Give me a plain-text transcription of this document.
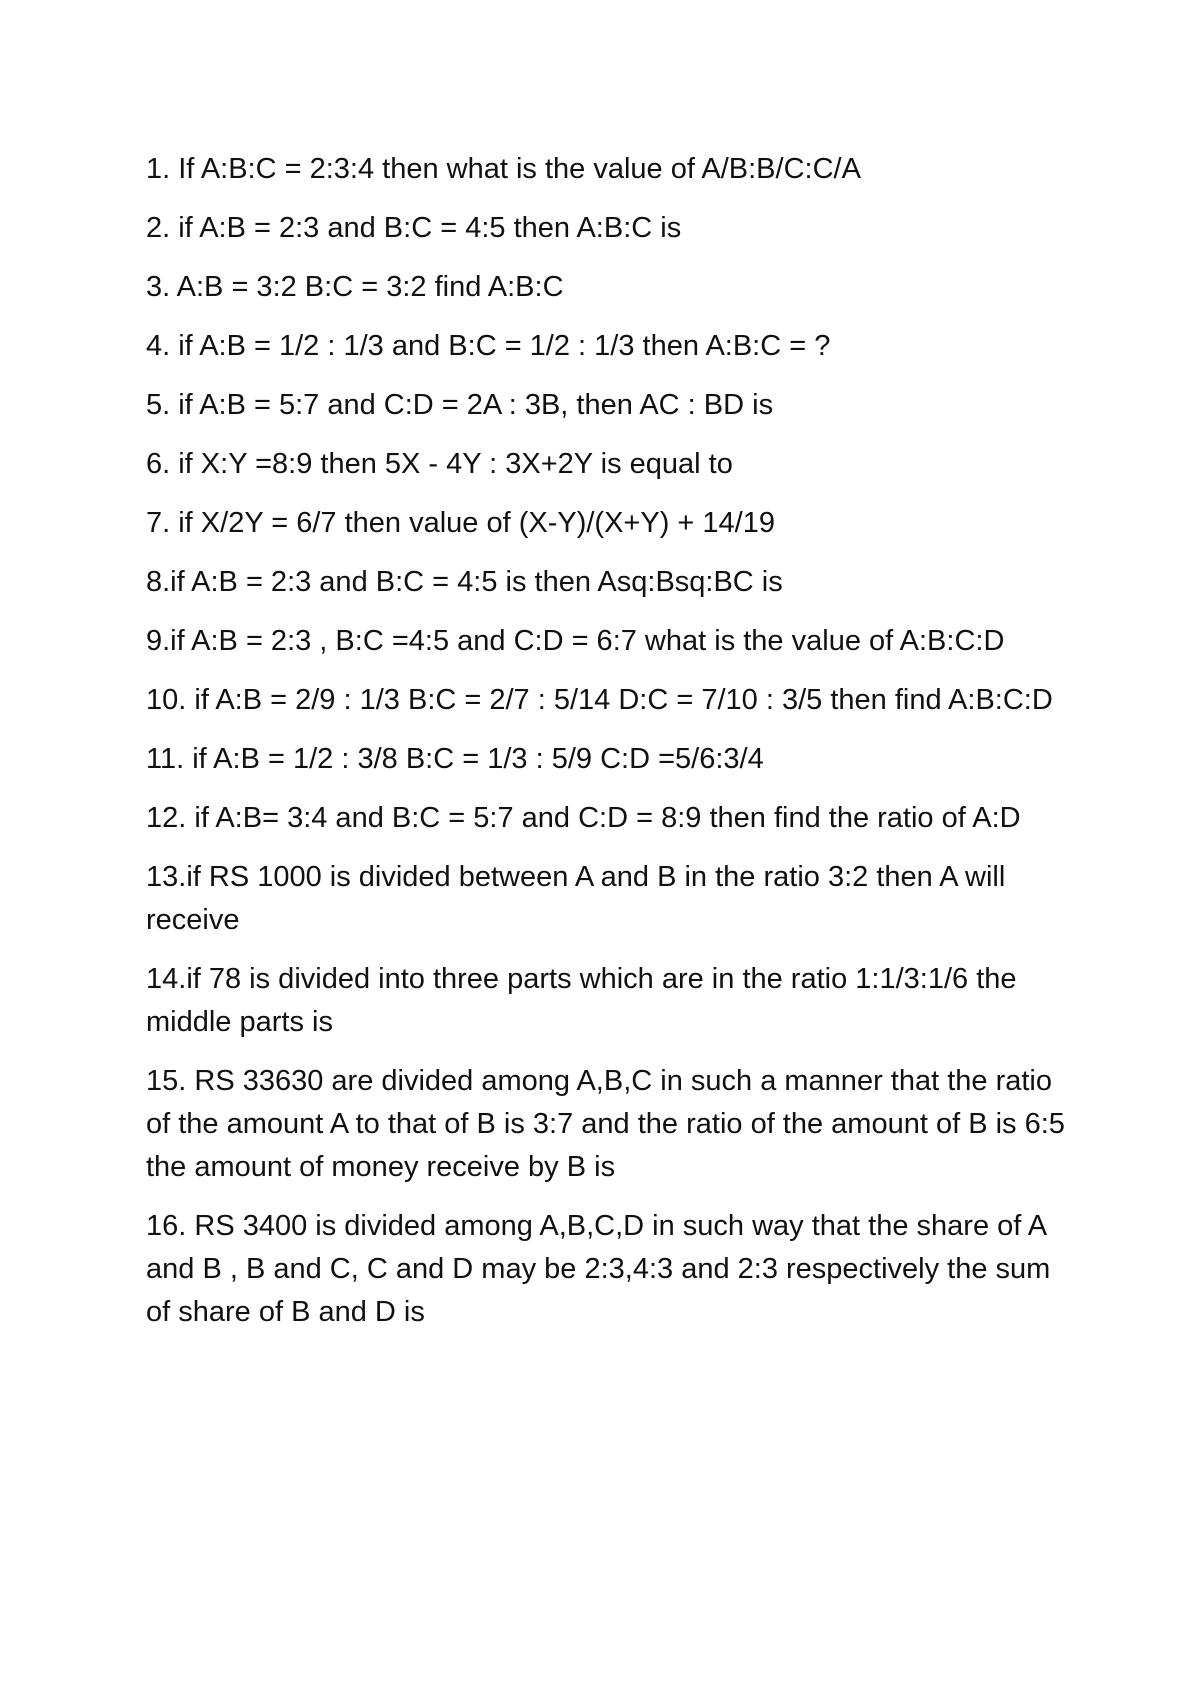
1. If A:B:C = 2:3:4 then what is the value of A/B:B/C:C/A

2. if A:B = 2:3 and B:C = 4:5 then A:B:C is

3. A:B = 3:2 B:C = 3:2 find A:B:C

4. if A:B = 1/2 : 1/3 and B:C = 1/2 : 1/3 then A:B:C = ?

5. if A:B = 5:7 and C:D = 2A : 3B, then AC : BD is

6. if X:Y =8:9 then 5X - 4Y : 3X+2Y is equal to

7. if X/2Y = 6/7 then value of (X-Y)/(X+Y) + 14/19

8.if A:B = 2:3 and B:C = 4:5 is then Asq:Bsq:BC is

9.if A:B = 2:3 , B:C =4:5 and C:D = 6:7 what is the value of A:B:C:D

10. if A:B = 2/9 : 1/3 B:C = 2/7 : 5/14 D:C = 7/10 : 3/5 then find A:B:C:D

11. if A:B = 1/2 : 3/8 B:C = 1/3 : 5/9 C:D =5/6:3/4

12. if A:B= 3:4 and B:C = 5:7 and C:D = 8:9 then find the ratio of A:D

13.if RS 1000 is divided between A and B in the ratio 3:2 then A will receive

14.if 78 is divided into three parts which are in the ratio 1:1/3:1/6 the middle parts is

15. RS 33630 are divided among A,B,C in such a manner that the ratio of the amount A to that of B is 3:7 and the ratio of the amount of B is 6:5 the amount of money receive by B is

16. RS 3400 is divided among A,B,C,D in such way that the share of A and B , B and C, C and D may be 2:3,4:3 and 2:3 respectively the sum of share of B and D is
